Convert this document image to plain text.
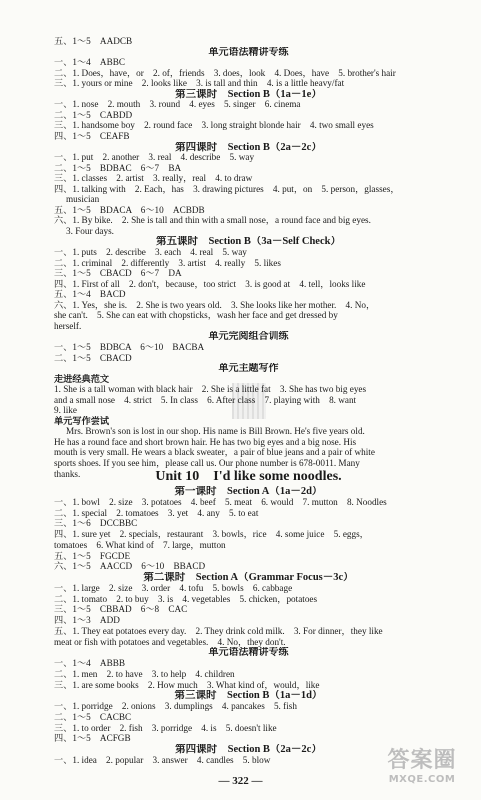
Unit 10　I'd like some noodles.
— 322 —
答案圈
MXQE.COM
五、1～5　AADCB
单元语法精讲专练
一、1～4　ABBC
二、1. Does，have，or　2. of，friends　3. does，look　4. Does，have　5. brother's hair
三、1. yours or mine　2. looks like　3. is tall and thin　4. is a little heavy/fat
第三课时　Section B（1a－1e）
一、1. nose　2. mouth　3. round　4. eyes　5. singer　6. cinema
二、1～5　CABDD
三、1. handsome boy　2. round face　3. long straight blonde hair　4. two small eyes
四、1～5　CEAFB
第四课时　Section B（2a－2c）
一、1. put　2. another　3. real　4. describe　5. way
二、1～5　BDBAC　6～7　BA
三、1. classes　2. artist　3. really，real　4. to draw
四、1. talking with　2. Each，has　3. drawing pictures　4. put，on　5. person，glasses，
musician
五、1～5　BDACA　6～10　ACBDB
六、1. By bike.　2. She is tall and thin with a small nose，a round face and big eyes.
3. Four days.
第五课时　Section B（3a－Self Check）
一、1. puts　2. describe　3. each　4. real　5. way
二、1. criminal　2. differently　3. artist　4. really　5. likes
三、1～5　CBACD　6～7　DA
四、1. First of all　2. don't，because，too strict　3. is good at　4. tell，looks like
五、1～4　BACD
六、1. Yes，she is.　2. She is two years old.　3. She looks like her mother.　4. No，
she can't.　5. She can eat with chopsticks，wash her face and get dressed by
herself.
单元完阅组合训练
一、1～5　BDBCA　6～10　BACBA
二、1～5　CBACD
单元主题写作
走进经典范文
1. She is a tall woman with black hair　2. She is a little fat　3. She has two big eyes
and a small nose　4. strict　5. In class　6. After class　7. playing with　8. want
9. like
单元写作尝试
Mrs. Brown's son is lost in our shop. His name is Bill Brown. He's five years old.
He has a round face and short brown hair. He has two big eyes and a big nose. His
mouth is very small. He wears a black sweater，a pair of blue jeans and a pair of white
sports shoes. If you see him，please call us. Our phone number is 678-0011. Many
thanks.
第一课时　Section A（1a－2d）
一、1. bowl　2. size　3. potatoes　4. beef　5. meat　6. would　7. mutton　8. Noodles
二、1. special　2. tomatoes　3. yet　4. any　5. to eat
三、1～6　DCCBBC
四、1. sure yet　2. specials，restaurant　3. bowls，rice　4. some juice　5. eggs，
tomatoes　6. What kind of　7. large，mutton
五、1～5　FGCDE
六、1～5　AACCD　6～10　BBACD
第二课时　Section A（Grammar Focus－3c）
一、1. large　2. size　3. order　4. tofu　5. bowls　6. cabbage
二、1. tomato　2. to buy　3. is　4. vegetables　5. chicken，potatoes
三、1～5　CBBAD　6～8　CAC
四、1～3　ADD
五、1. They eat potatoes every day.　2. They drink cold milk.　3. For dinner，they like
meat or fish with potatoes and vegetables.　4. No，they don't.
单元语法精讲专练
一、1～4　ABBB
二、1. men　2. to have　3. to help　4. children
三、1. are some books　2. How much　3. What kind of，would，like
第三课时　Section B（1a－1d）
一、1. porridge　2. onions　3. dumplings　4. pancakes　5. fish
二、1～5　CACBC
三、1. to order　2. fish　3. porridge　4. is　5. doesn't like
四、1～5　ACFGB
第四课时　Section B（2a－2c）
一、1. idea　2. popular　3. answer　4. candles　5. blow
